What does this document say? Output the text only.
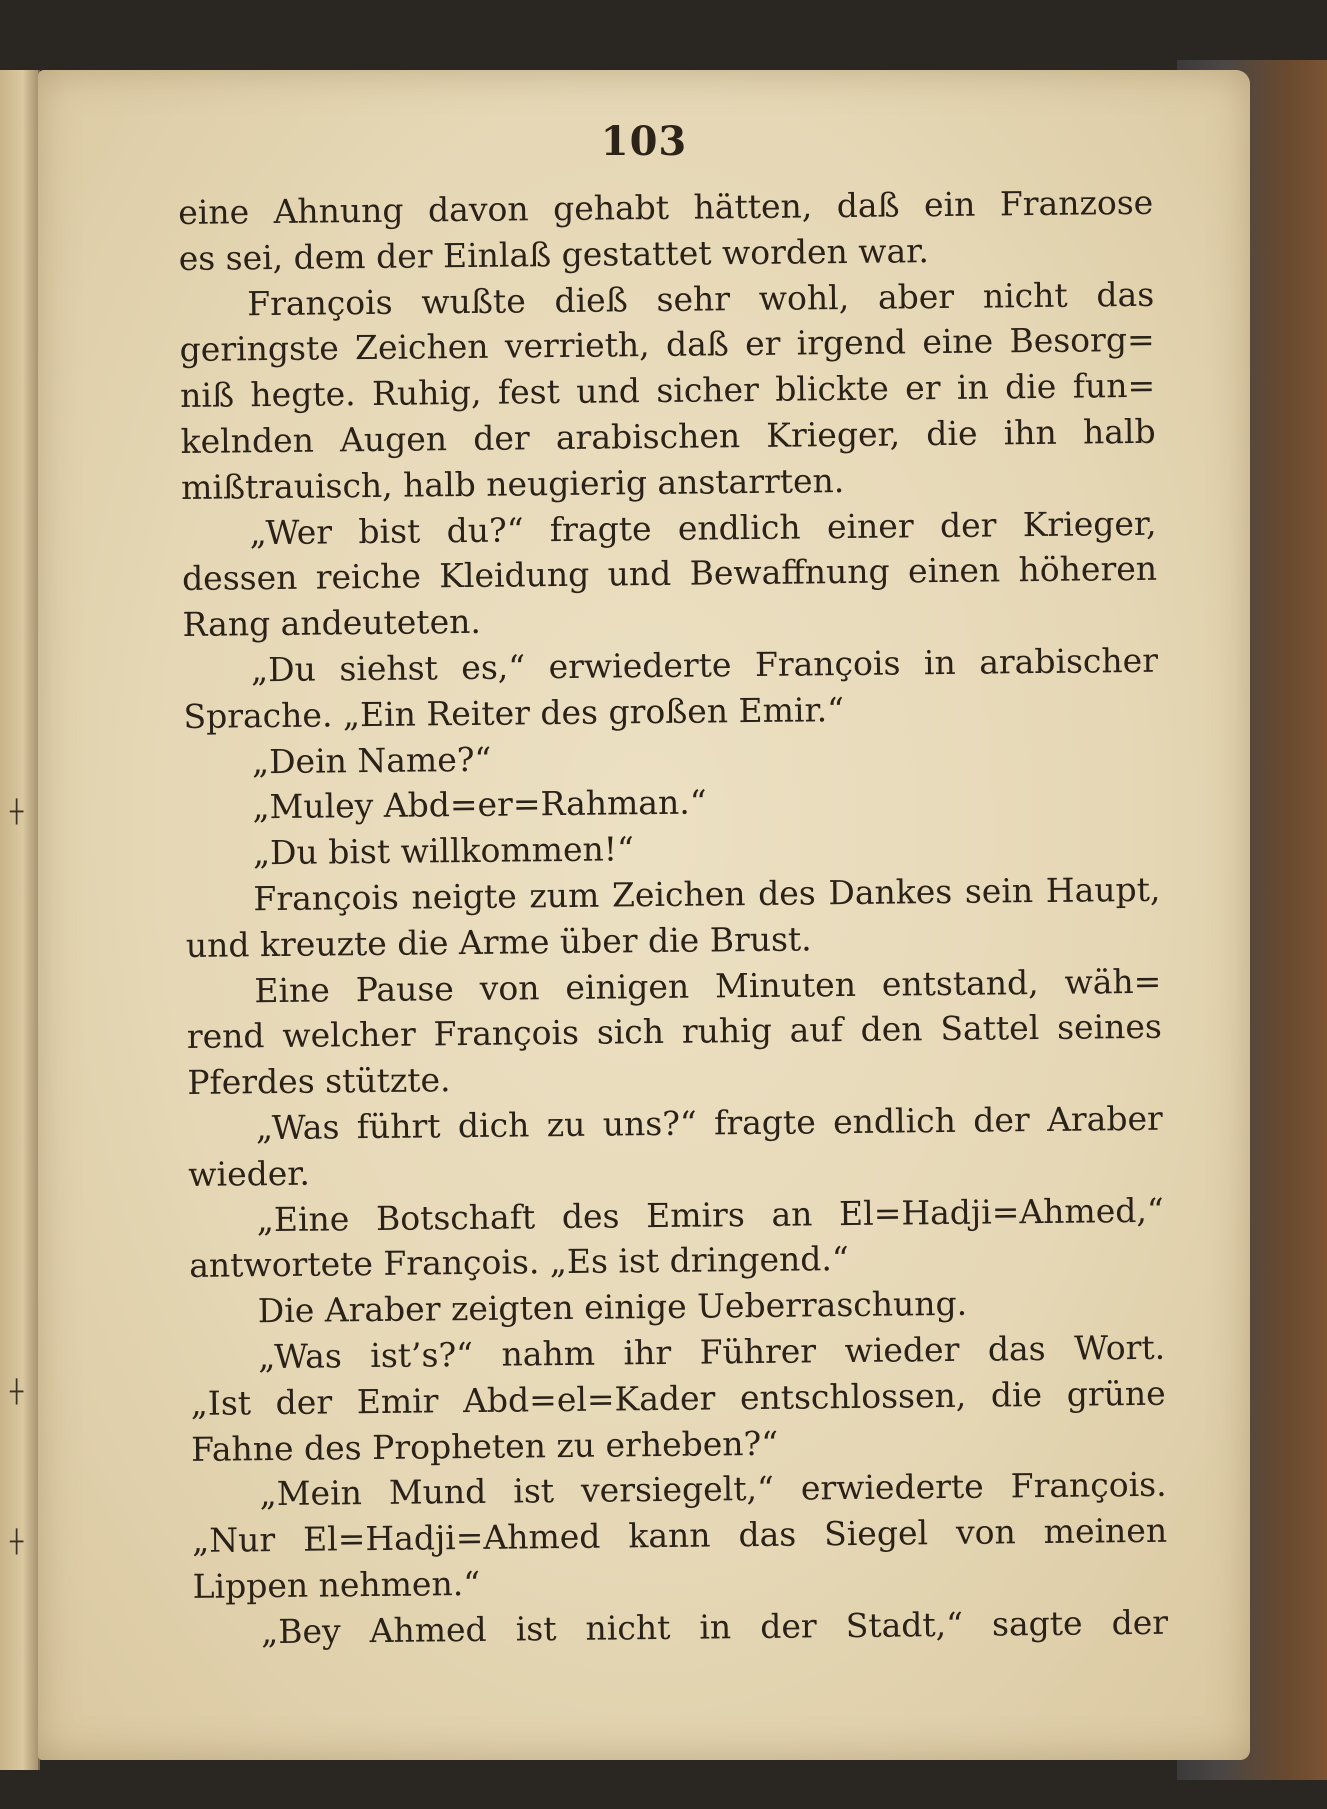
103
eine Ahnung davon gehabt hätten, daß ein Franzose
es sei, dem der Einlaß gestattet worden war.
François wußte dieß sehr wohl, aber nicht das
geringste Zeichen verrieth, daß er irgend eine Besorg=
niß hegte. Ruhig, fest und sicher blickte er in die fun=
kelnden Augen der arabischen Krieger, die ihn halb
mißtrauisch, halb neugierig anstarrten.
„Wer bist du?“ fragte endlich einer der Krieger,
dessen reiche Kleidung und Bewaffnung einen höheren
Rang andeuteten.
„Du siehst es,“ erwiederte François in arabischer
Sprache. „Ein Reiter des großen Emir.“
„Dein Name?“
„Muley Abd=er=Rahman.“
„Du bist willkommen!“
François neigte zum Zeichen des Dankes sein Haupt,
und kreuzte die Arme über die Brust.
Eine Pause von einigen Minuten entstand, wäh=
rend welcher François sich ruhig auf den Sattel seines
Pferdes stützte.
„Was führt dich zu uns?“ fragte endlich der Araber
wieder.
„Eine Botschaft des Emirs an El=Hadji=Ahmed,“
antwortete François. „Es ist dringend.“
Die Araber zeigten einige Ueberraschung.
„Was ist’s?“ nahm ihr Führer wieder das Wort.
„Ist der Emir Abd=el=Kader entschlossen, die grüne
Fahne des Propheten zu erheben?“
„Mein Mund ist versiegelt,“ erwiederte François.
„Nur El=Hadji=Ahmed kann das Siegel von meinen
Lippen nehmen.“
„Bey Ahmed ist nicht in der Stadt,“ sagte der
┼
┼
┼
